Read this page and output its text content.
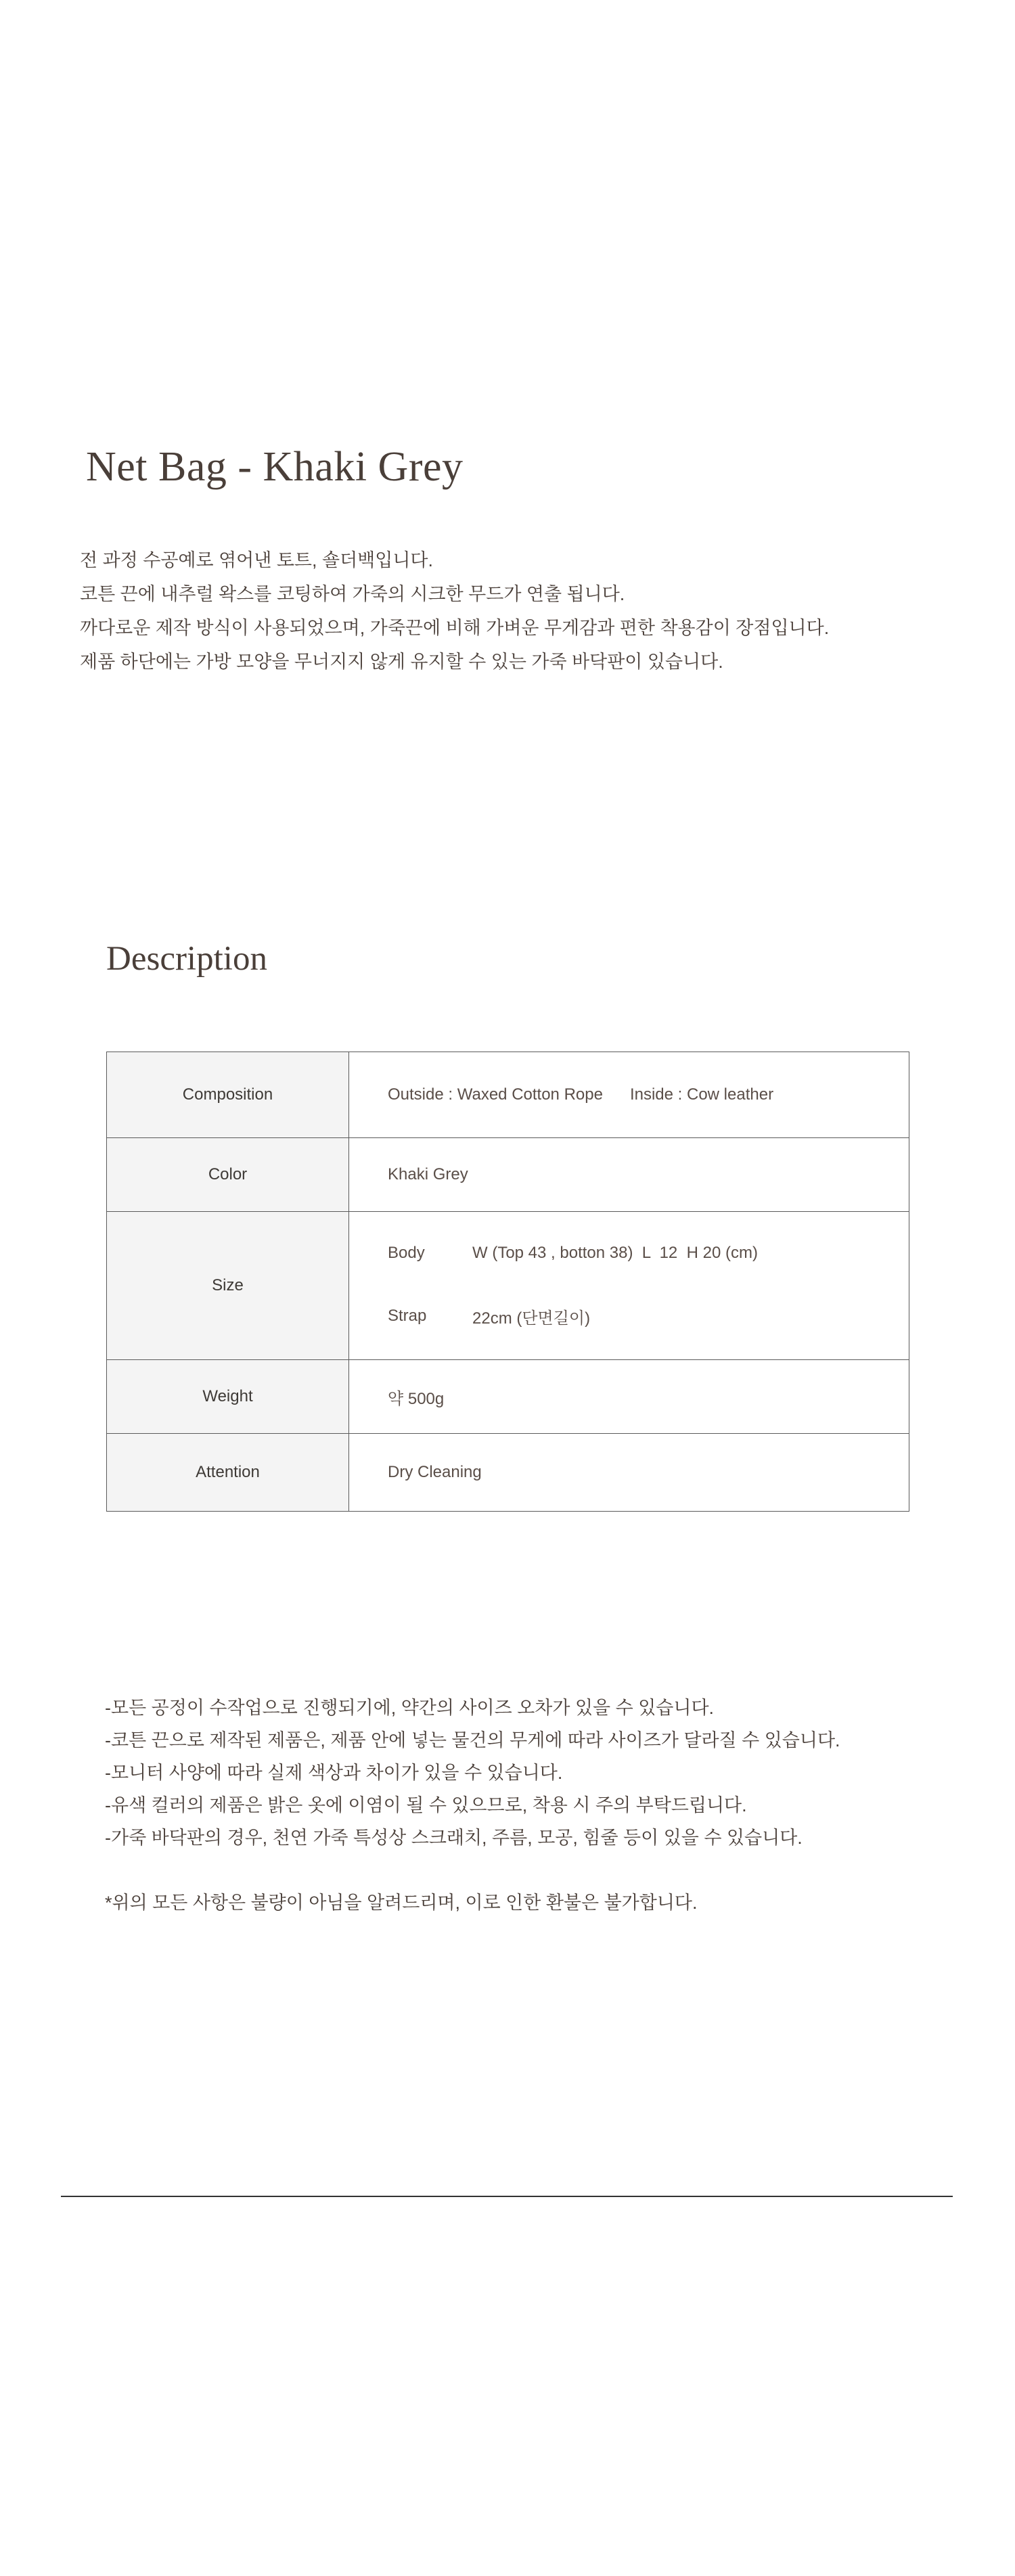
Net Bag - Khaki Grey
전 과정 수공예로 엮어낸 토트, 숄더백입니다.
코튼 끈에 내추럴 왁스를 코팅하여 가죽의 시크한 무드가 연출 됩니다.
까다로운 제작 방식이 사용되었으며, 가죽끈에 비해 가벼운 무게감과 편한 착용감이 장점입니다.
제품 하단에는 가방 모양을 무너지지 않게 유지할 수 있는 가죽 바닥판이 있습니다.
Description
Composition	Outside : Waxed Cotton Rope      Inside : Cow leather
Color	Khaki Grey
Size	Body W (Top 43 , botton 38)  L  12  H 20 (cm)
Strap 22cm (단면길이)

Weight	약 500g
Attention	Dry Cleaning
-모든 공정이 수작업으로 진행되기에, 약간의 사이즈 오차가 있을 수 있습니다.
-코튼 끈으로 제작된 제품은, 제품 안에 넣는 물건의 무게에 따라 사이즈가 달라질 수 있습니다.
-모니터 사양에 따라 실제 색상과 차이가 있을 수 있습니다.
-유색 컬러의 제품은 밝은 옷에 이염이 될 수 있으므로, 착용 시 주의 부탁드립니다.
-가죽 바닥판의 경우, 천연 가죽 특성상 스크래치, 주름, 모공, 힘줄 등이 있을 수 있습니다.
*위의 모든 사항은 불량이 아님을 알려드리며, 이로 인한 환불은 불가합니다.
